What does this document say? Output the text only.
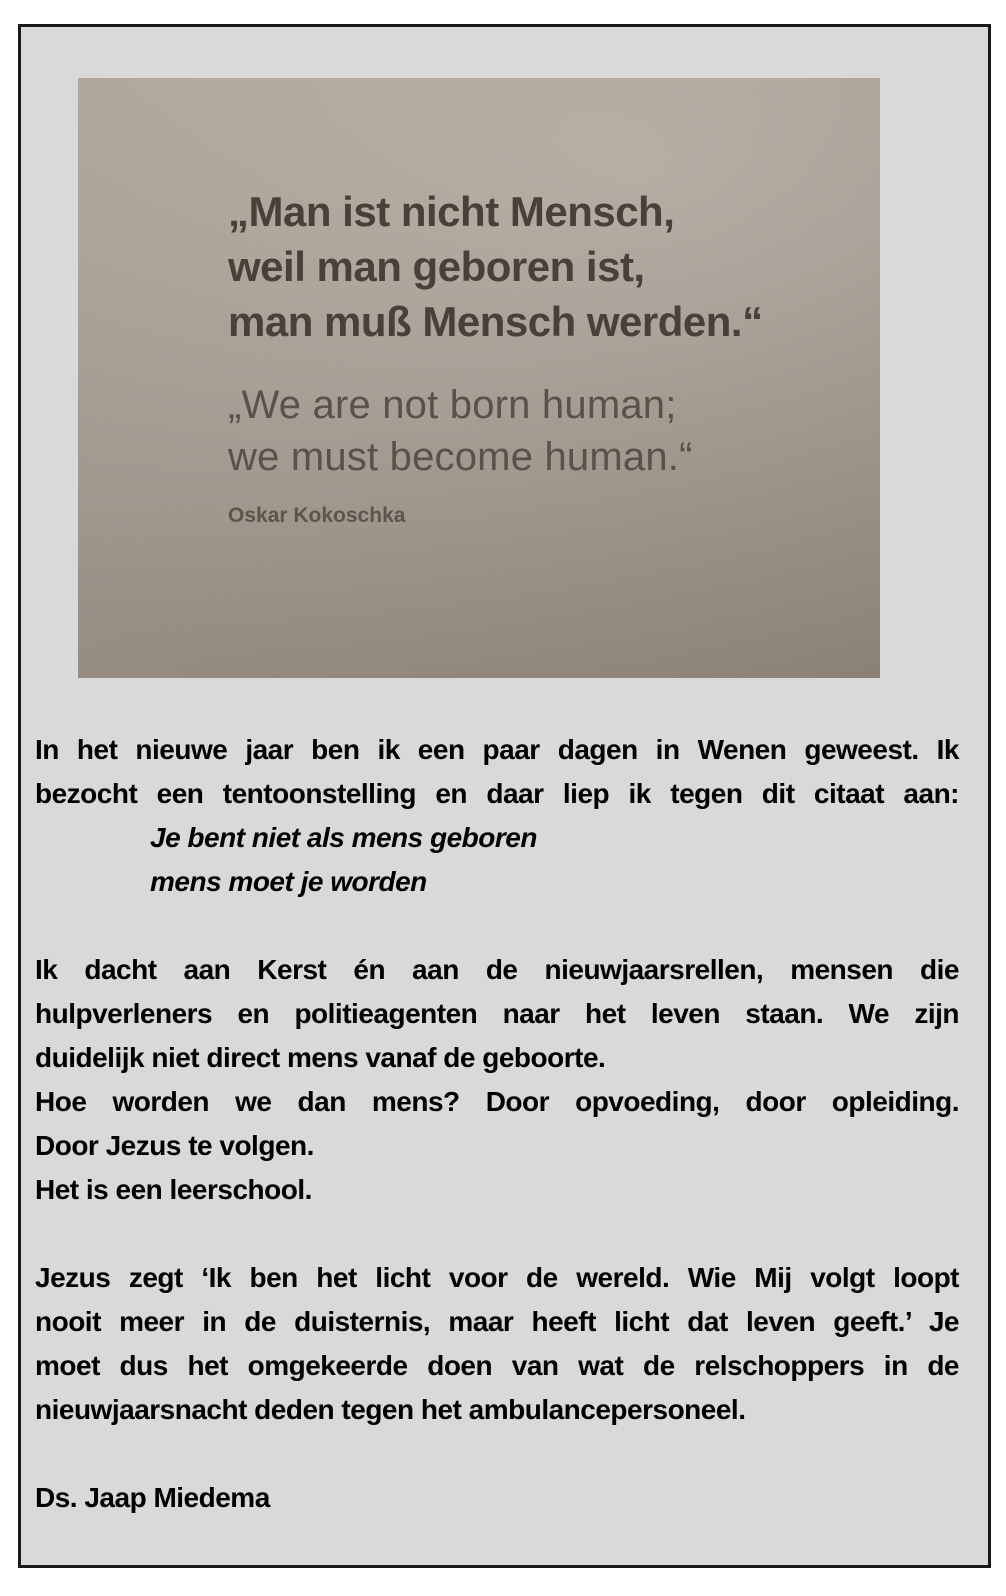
„Man ist nicht Mensch,
weil man geboren ist,
man muß Mensch werden.“
„We are not born human;
we must become human.“
Oskar Kokoschka
In het nieuwe jaar ben ik een paar dagen in Wenen geweest. Ik
bezocht een tentoonstelling en daar liep ik tegen dit citaat aan:
Je bent niet als mens geboren
mens moet je worden

Ik dacht aan Kerst én aan de nieuwjaarsrellen, mensen die
hulpverleners en politieagenten naar het leven staan. We zijn
duidelijk niet direct mens vanaf de geboorte.
Hoe worden we dan mens? Door opvoeding, door opleiding.
Door Jezus te volgen.
Het is een leerschool.

Jezus zegt ‘Ik ben het licht voor de wereld. Wie Mij volgt loopt
nooit meer in de duisternis, maar heeft licht dat leven geeft.’ Je
moet dus het omgekeerde doen van wat de relschoppers in de
nieuwjaarsnacht deden tegen het ambulancepersoneel.

Ds. Jaap Miedema
